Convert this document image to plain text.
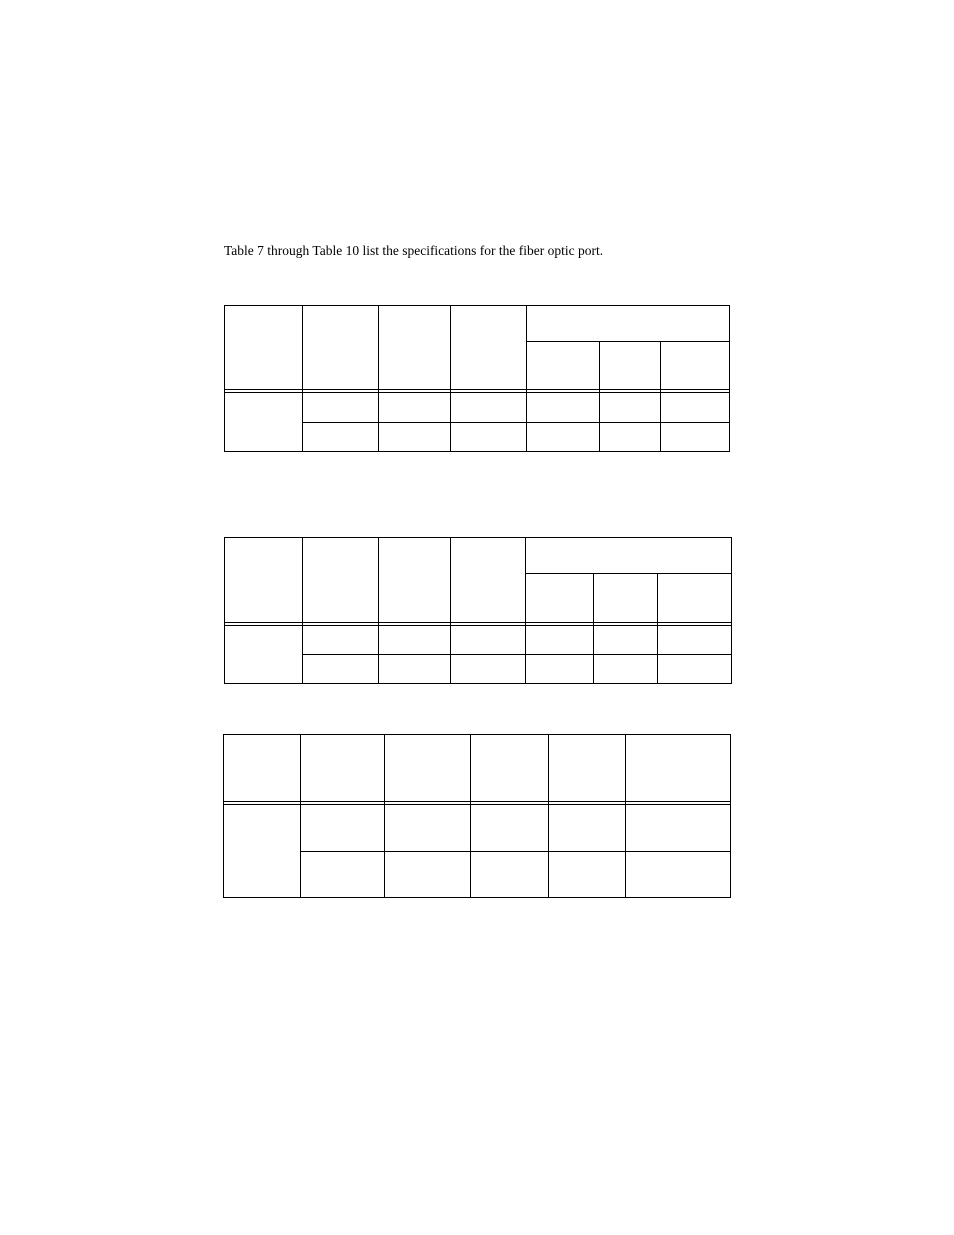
Table 7 through Table 10 list the specifications for the fiber optic port.
